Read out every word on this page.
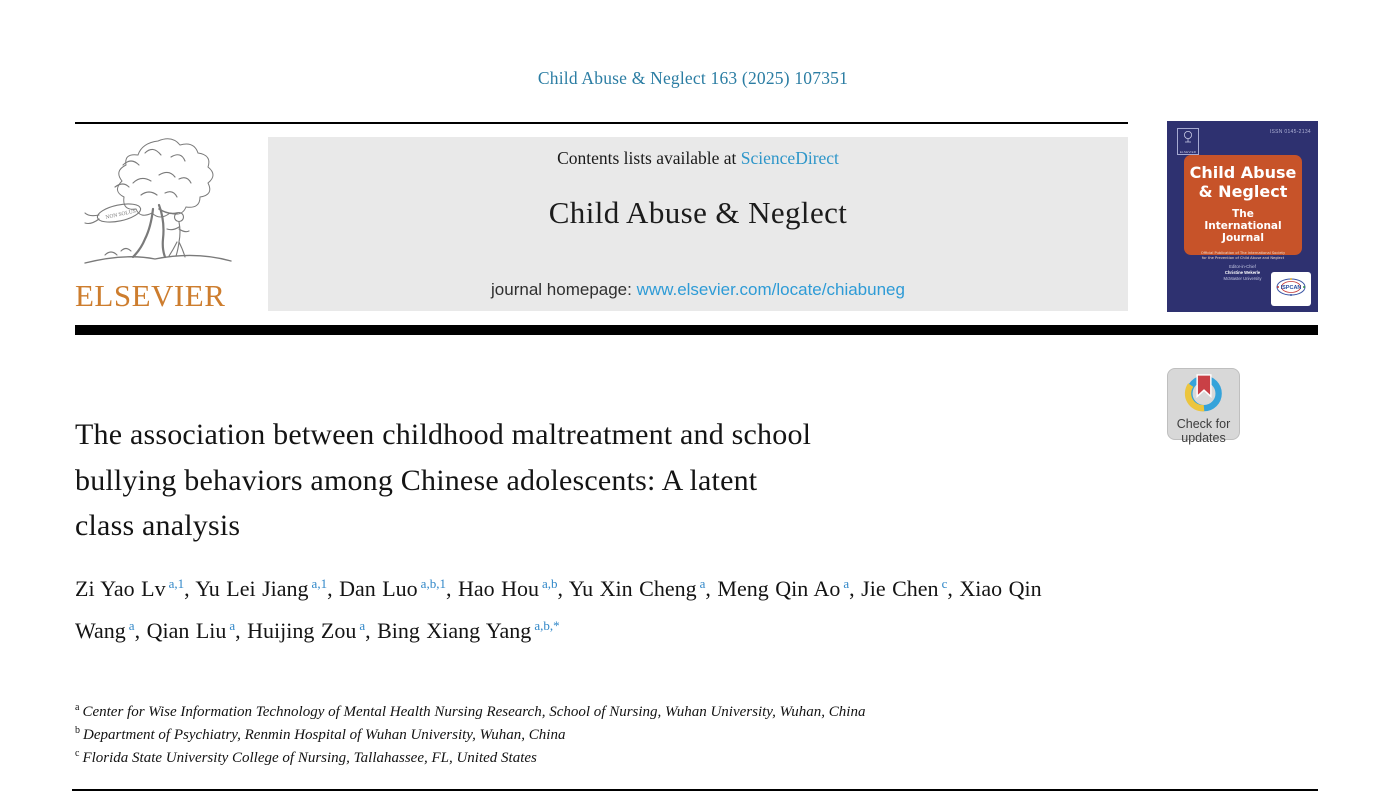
Child Abuse & Neglect 163 (2025) 107351
NON SOLUS
ELSEVIER
Contents lists available at ScienceDirect
Child Abuse & Neglect
journal homepage: www.elsevier.com/locate/chiabuneg
ELSEVIER
ISSN 0145-2134
Child Abuse
& Neglect
The
International
Journal
Official Publication of The International Society
for the Prevention of Child Abuse and Neglect
Editor-in-Chief
Christine Wekerle
McMaster University
ISPCAN
Check for
updates
The association between childhood maltreatment and school
bullying behaviors among Chinese adolescents: A latent
class analysis
Zi Yao Lv $^{a,1}$, Yu Lei Jiang $^{a,1}$, Dan Luo $^{a,b,1}$, Hao Hou $^{a,b}$, Yu Xin Cheng $^a$, Meng Qin Ao $^a$, Jie Chen $^c$, Xiao Qin Wang $^a$, Qian Liu $^a$, Huijing Zou $^a$, Bing Xiang Yang $^{a,b,*}$
$^a$ Center for Wise Information Technology of Mental Health Nursing Research, School of Nursing, Wuhan University, Wuhan, China
$^b$ Department of Psychiatry, Renmin Hospital of Wuhan University, Wuhan, China
$^c$ Florida State University College of Nursing, Tallahassee, FL, United States
